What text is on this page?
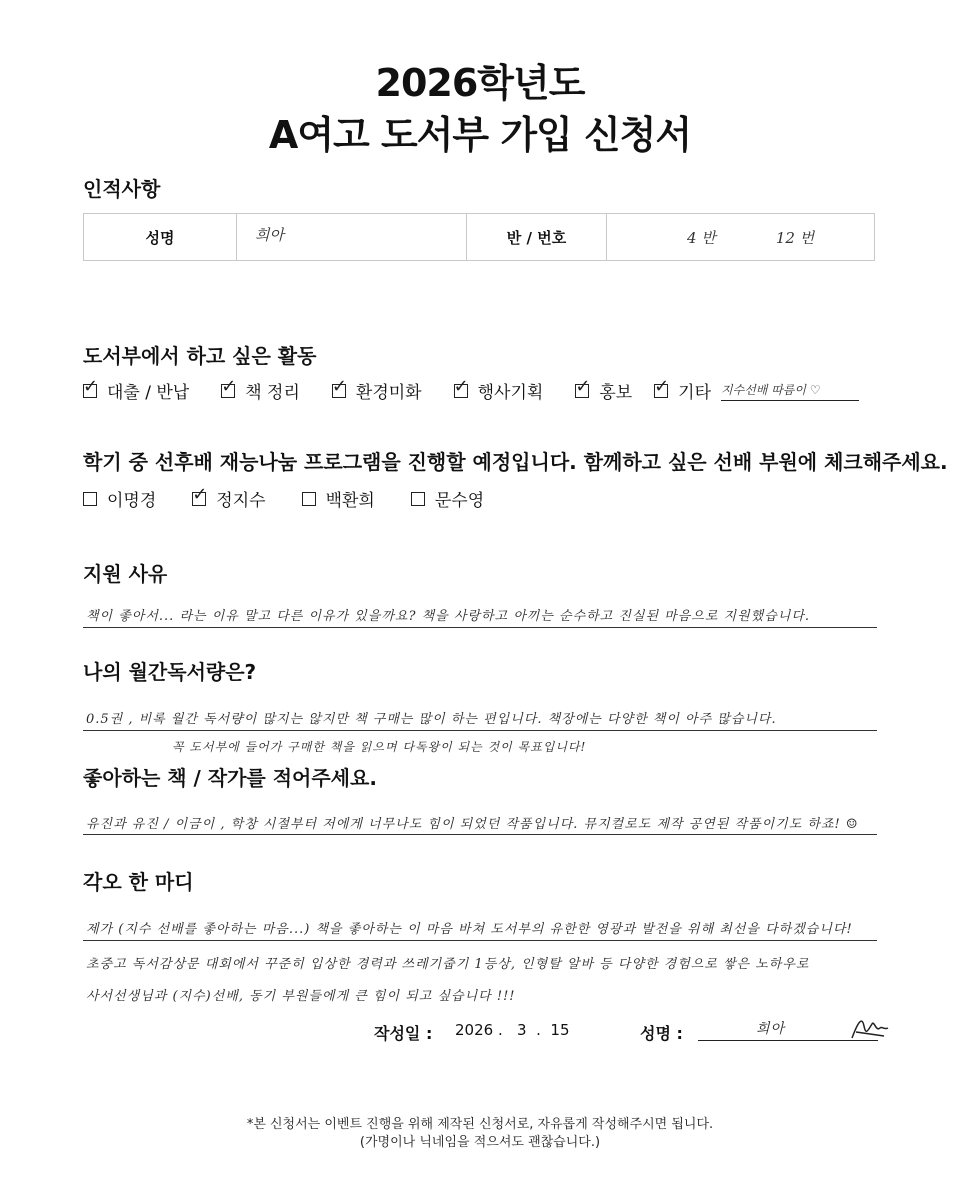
2026학년도
A여고 도서부 가입 신청서
인적사항
성명	희아	반 / 번호	4 반	12 번
도서부에서 하고 싶은 활동
✓ 대출 / 반납 ✓ 책 정리 ✓ 환경미화 ✓ 행사기획 ✓ 홍보 ✓ 기타 지수선배 따름이 ♡
학기 중 선후배 재능나눔 프로그램을 진행할 예정입니다. 함께하고 싶은 선배 부원에 체크해주세요.
이명경 ✓ 정지수	백환희	문수영
지원 사유
책이 좋아서... 라는 이유 말고 다른 이유가 있을까요? 책을 사랑하고 아끼는 순수하고 진실된 마음으로 지원했습니다.
나의 월간독서량은?
0.5권 , 비록 월간 독서량이 많지는 않지만 책 구매는 많이 하는 편입니다. 책장에는 다양한 책이 아주 많습니다.
꼭 도서부에 들어가 구매한 책을 읽으며 다독왕이 되는 것이 목표입니다!
좋아하는 책 / 작가를 적어주세요.
유진과 유진 / 이금이 , 학창 시절부터 저에게 너무나도 힘이 되었던 작품입니다. 뮤지컬로도 제작 공연된 작품이기도 하죠! ☺
각오 한 마디
제가 (지수 선배를 좋아하는 마음...) 책을 좋아하는 이 마음 바쳐 도서부의 유한한 영광과 발전을 위해 최선을 다하겠습니다!
초중고 독서감상문 대회에서 꾸준히 입상한 경력과 쓰레기줍기 1등상, 인형탈 알바 등 다양한 경험으로 쌓은 노하우로
사서선생님과 (지수)선배, 동기 부원들에게 큰 힘이 되고 싶습니다 !!!
작성일 : 2026 .   3  .  15	성명 :	희아
*본 신청서는 이벤트 진행을 위해 제작된 신청서로, 자유롭게 작성해주시면 됩니다.
(가명이나 닉네임을 적으셔도 괜찮습니다.)
